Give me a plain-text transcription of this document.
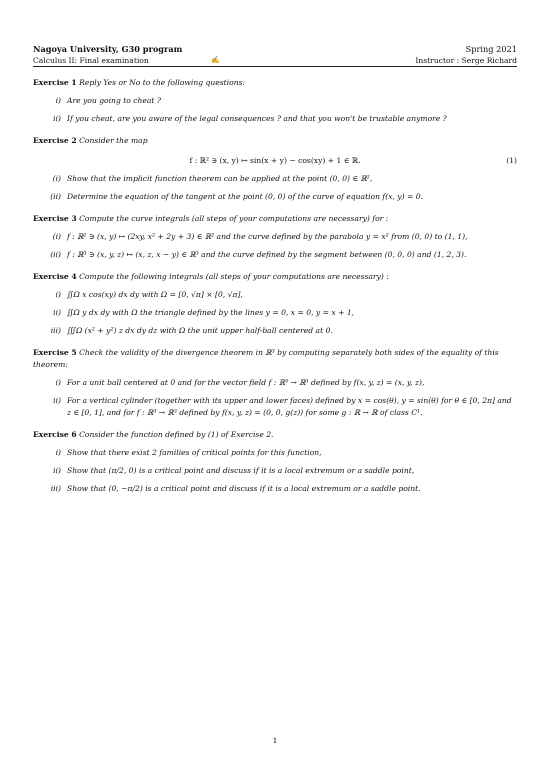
Nagoya University, G30 program	Spring 2021
Calculus II: Final examination	✍	Instructor : Serge Richard
Exercise 1 Reply Yes or No to the following questions:
i) Are you going to cheat ?
ii) If you cheat, are you aware of the legal consequences ? and that you won't be trustable anymore ?
Exercise 2 Consider the map
f : ℝ² ∋ (x, y) ↦ sin(x + y) − cos(xy) + 1 ∈ ℝ.	(1)
(i) Show that the implicit function theorem can be applied at the point (0, 0) ∈ ℝ²,
(ii) Determine the equation of the tangent at the point (0, 0) of the curve of equation f(x, y) = 0.
Exercise 3 Compute the curve integrals (all steps of your computations are necessary) for :
(i) f : ℝ² ∋ (x, y) ↦ (2xy, x² + 2y + 3) ∈ ℝ² and the curve defined by the parabola y = x² from (0, 0) to (1, 1),
(ii) f : ℝ³ ∋ (x, y, z) ↦ (x, z, x − y) ∈ ℝ³ and the curve defined by the segment between (0, 0, 0) and (1, 2, 3).
Exercise 4 Compute the following integrals (all steps of your computations are necessary) :
i) ∬Ω x cos(xy) dx dy with Ω = [0, √π] × [0, √π],
ii) ∬Ω y dx dy with Ω the triangle defined by the lines y = 0, x = 0, y = x + 1,
iii) ∭Ω (x² + y²) z dx dy dz with Ω the unit upper half-ball centered at 0.
Exercise 5 Check the validity of the divergence theorem in ℝ³ by computing separately both sides of the equality of this theorem:
i) For a unit ball centered at 0 and for the vector field f : ℝ³ → ℝ³ defined by f(x, y, z) = (x, y, z),
ii) For a vertical cylinder (together with its upper and lower faces) defined by x = cos(θ), y = sin(θ) for θ ∈ [0, 2π] and z ∈ [0, 1], and for f : ℝ³ → ℝ³ defined by f(x, y, z) = (0, 0, g(z)) for some g : ℝ → ℝ of class C¹.
Exercise 6 Consider the function defined by (1) of Exercise 2.
i) Show that there exist 2 families of critical points for this function,
ii) Show that (π/2, 0) is a critical point and discuss if it is a local extremum or a saddle point,
iii) Show that (0, −π/2) is a critical point and discuss if it is a local extremum or a saddle point.
1
